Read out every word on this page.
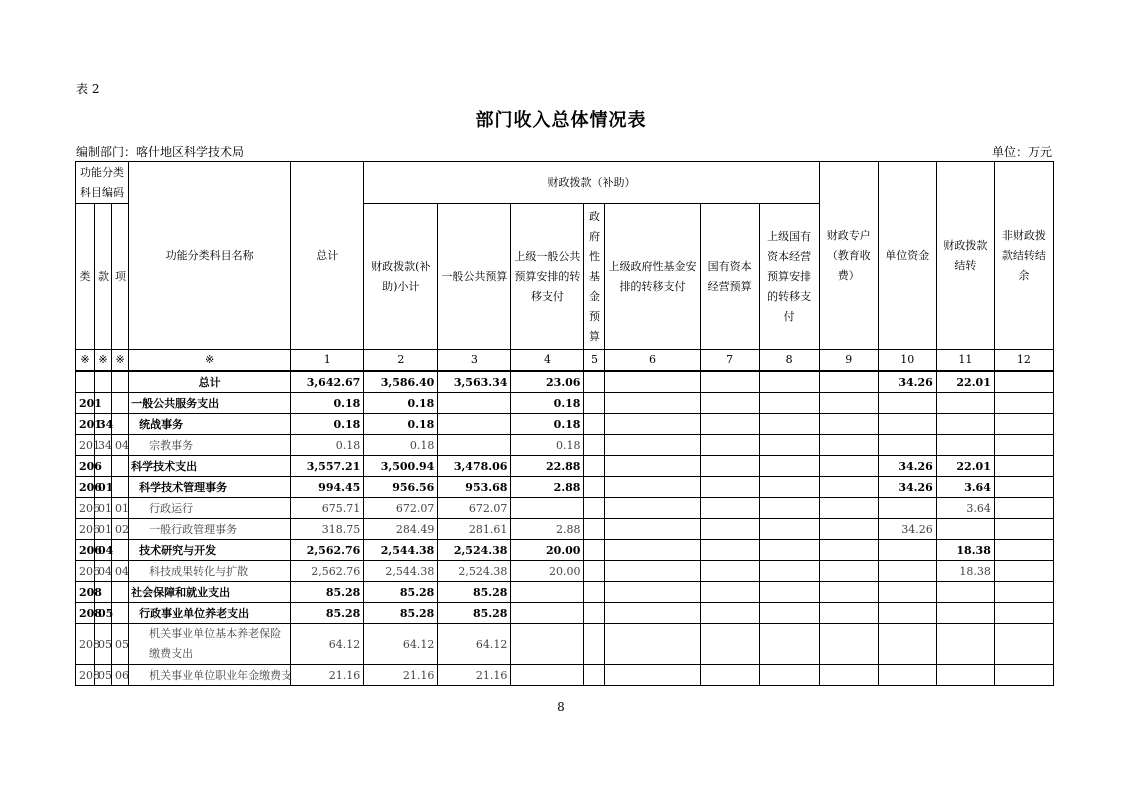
表 2
部门收入总体情况表
编制部门：喀什地区科学技术局	单位：万元
功能分类科目编码			功能分类科目名称	总计	财政拨款（补助）							财政专户（教育收费）	单位资金	财政拨款结转	非财政拨款结转结余
类	款	项			财政拨款(补助)小计	一般公共预算	上级一般公共预算安排的转移支付	政府性基金预算	上级政府性基金安排的转移支付	国有资本经营预算	上级国有资本经营预算安排的转移支付				
※	※	※	※	1	2	3	4	5	6	7	8	9	10	11	12
			总计	3,642.67	3,586.40	3,563.34	23.06						34.26	22.01	
201			一般公共服务支出	0.18	0.18		0.18								
201	34		统战事务	0.18	0.18		0.18								
201	34	04	宗教事务	0.18	0.18		0.18								
206			科学技术支出	3,557.21	3,500.94	3,478.06	22.88						34.26	22.01	
206	01		科学技术管理事务	994.45	956.56	953.68	2.88						34.26	3.64	
206	01	01	行政运行	675.71	672.07	672.07								3.64	
206	01	02	一般行政管理事务	318.75	284.49	281.61	2.88						34.26		
206	04		技术研究与开发	2,562.76	2,544.38	2,524.38	20.00							18.38	
206	04	04	科技成果转化与扩散	2,562.76	2,544.38	2,524.38	20.00							18.38	
208			社会保障和就业支出	85.28	85.28	85.28									
208	05		行政事业单位养老支出	85.28	85.28	85.28									
208	05	05	机关事业单位基本养老保险缴费支出	64.12	64.12	64.12									
208	05	06	机关事业单位职业年金缴费支	21.16	21.16	21.16									
8
